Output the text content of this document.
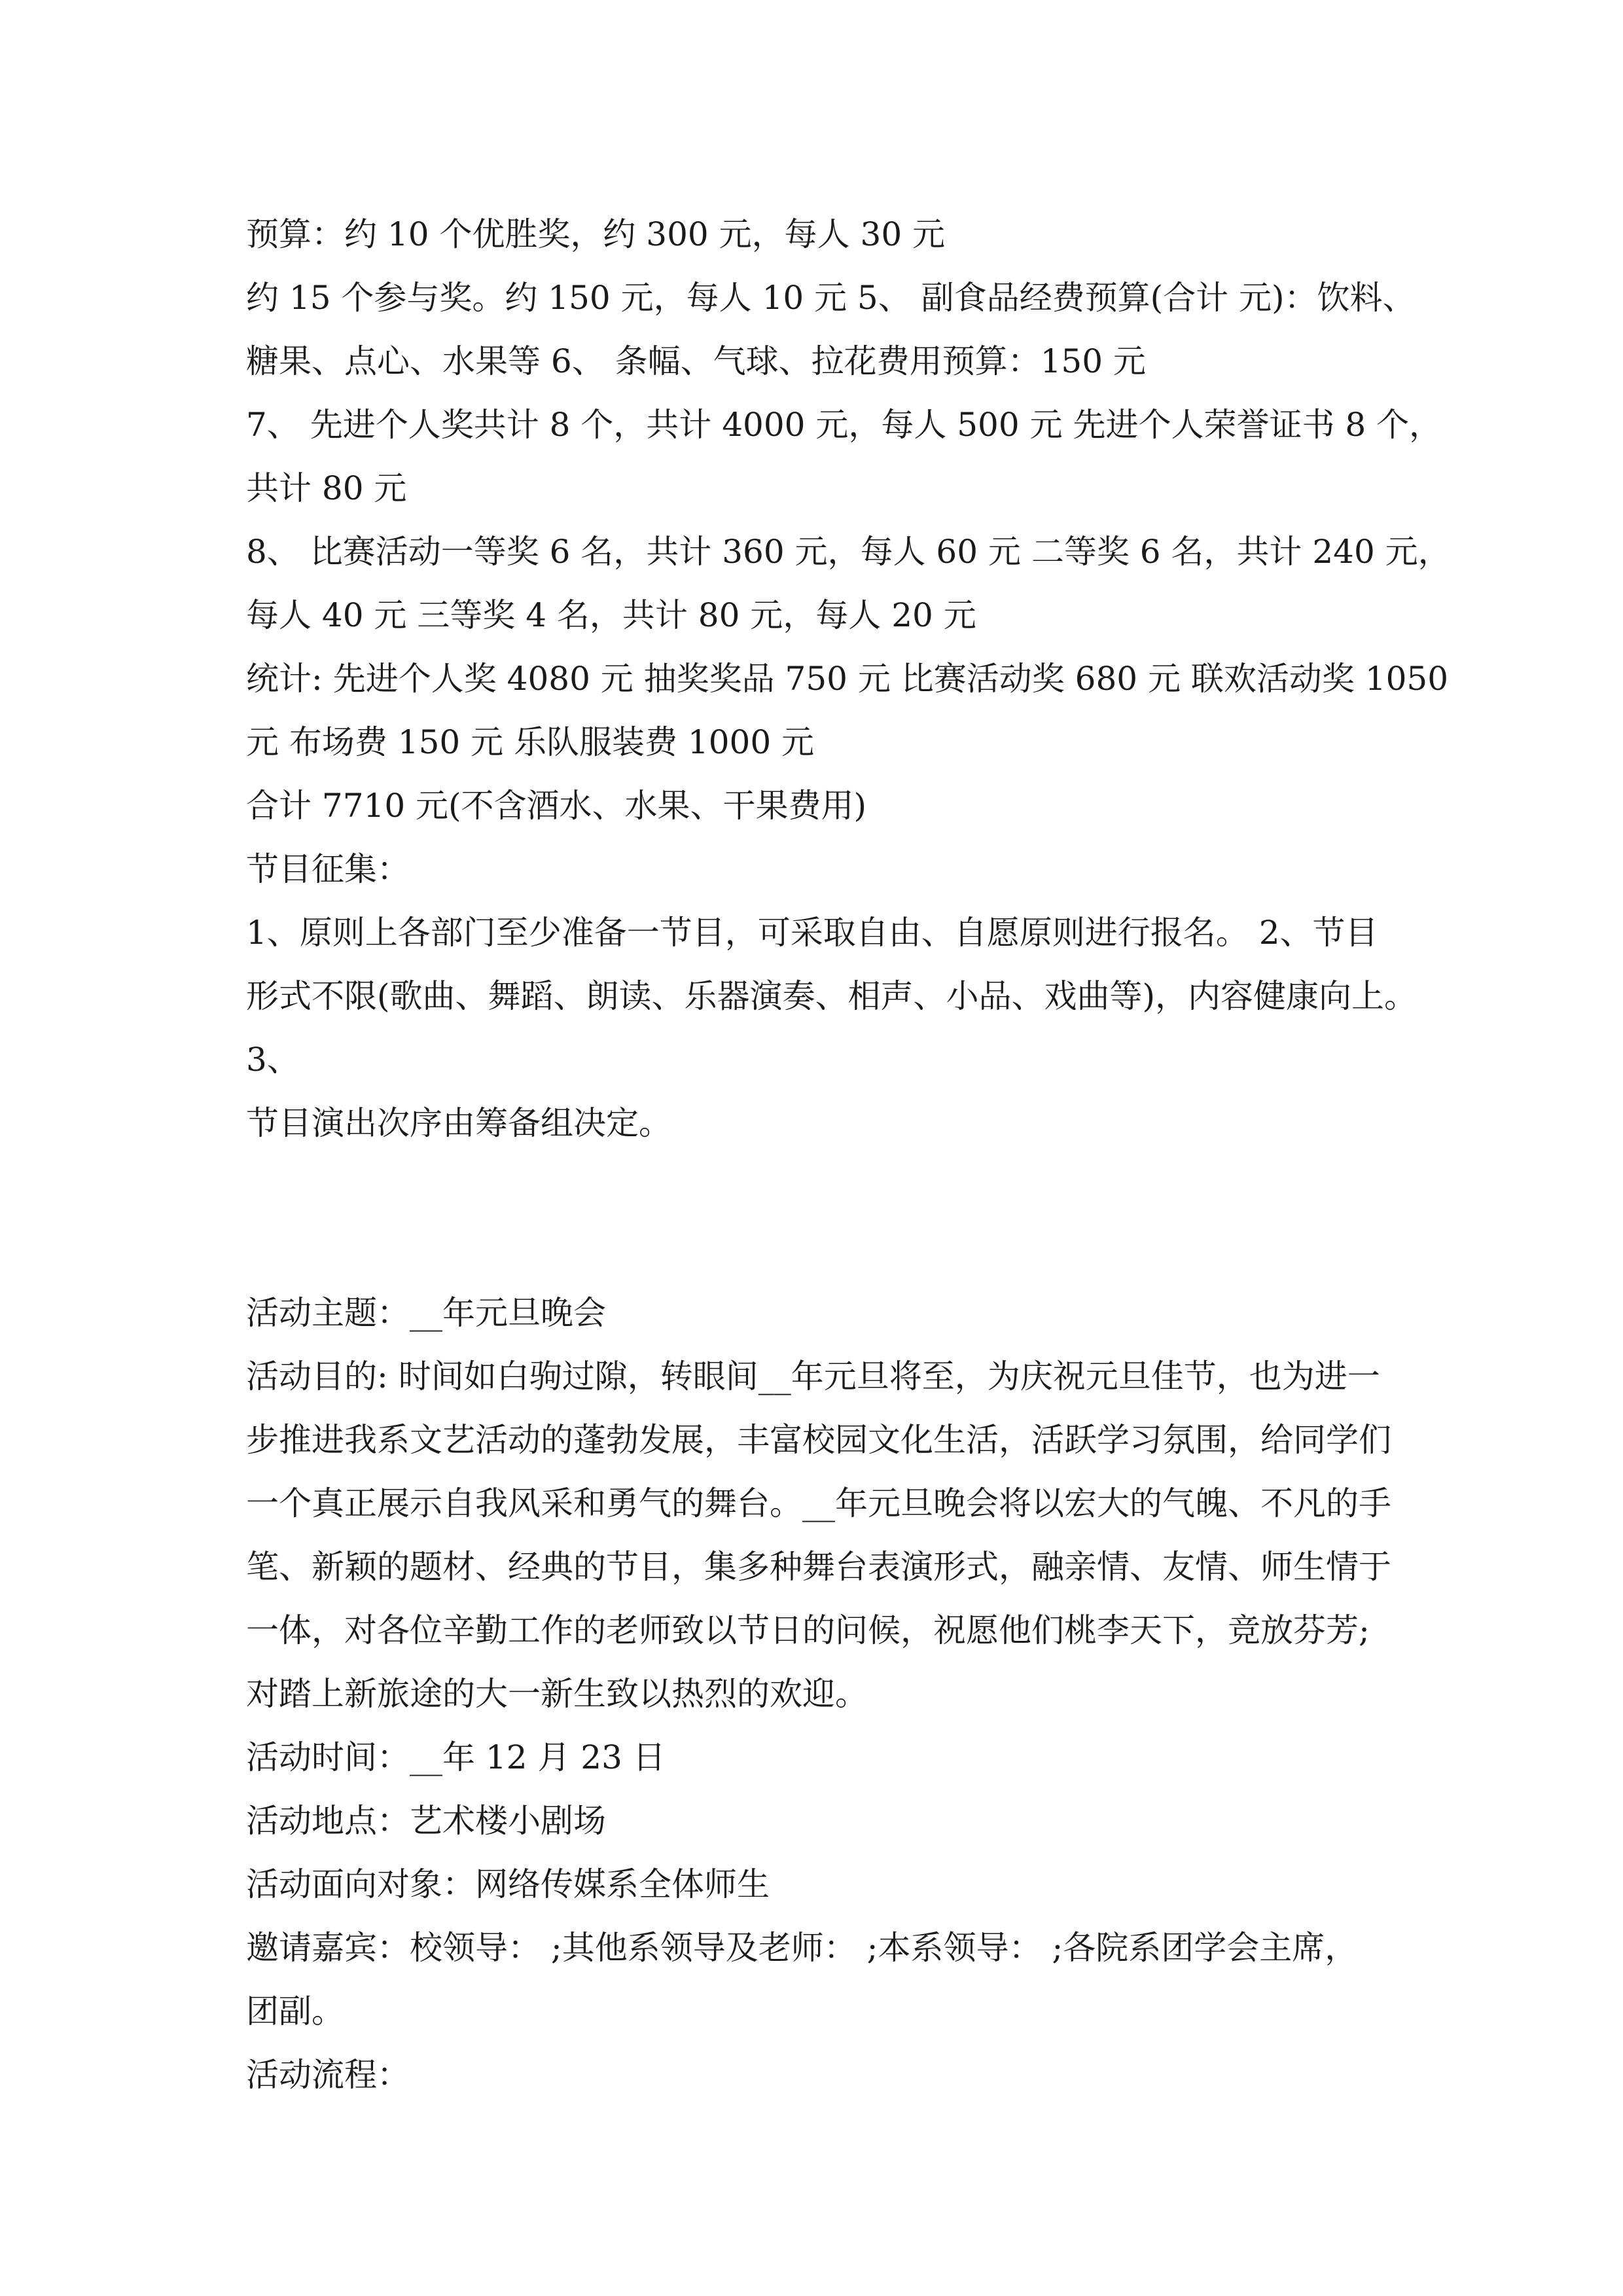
预算：约 10 个优胜奖，约 300 元，每人 30 元
约 15 个参与奖。约 150 元，每人 10 元 5、 副食品经费预算(合计 元)：饮料、
糖果、点心、水果等 6、 条幅、气球、拉花费用预算：150 元
7、 先进个人奖共计 8 个，共计 4000 元，每人 500 元 先进个人荣誉证书 8 个，
共计 80 元
8、 比赛活动一等奖 6 名，共计 360 元，每人 60 元 二等奖 6 名，共计 240 元，
每人 40 元 三等奖 4 名，共计 80 元，每人 20 元
统计: 先进个人奖 4080 元 抽奖奖品 750 元 比赛活动奖 680 元 联欢活动奖 1050
元 布场费 150 元 乐队服装费 1000 元
合计 7710 元(不含酒水、水果、干果费用)
节目征集：
1、原则上各部门至少准备一节目，可采取自由、自愿原则进行报名。 2、节目
形式不限(歌曲、舞蹈、朗读、乐器演奏、相声、小品、戏曲等)，内容健康向上。
3、
节目演出次序由筹备组决定。
活动主题：__年元旦晚会
活动目的: 时间如白驹过隙，转眼间__年元旦将至，为庆祝元旦佳节，也为进一
步推进我系文艺活动的蓬勃发展，丰富校园文化生活，活跃学习氛围，给同学们
一个真正展示自我风采和勇气的舞台。__年元旦晚会将以宏大的气魄、不凡的手
笔、新颖的题材、经典的节目，集多种舞台表演形式，融亲情、友情、师生情于
一体，对各位辛勤工作的老师致以节日的问候，祝愿他们桃李天下，竞放芬芳;
对踏上新旅途的大一新生致以热烈的欢迎。
活动时间：__年 12 月 23 日
活动地点：艺术楼小剧场
活动面向对象：网络传媒系全体师生
邀请嘉宾：校领导： ;其他系领导及老师： ;本系领导： ;各院系团学会主席，
团副。
活动流程：
